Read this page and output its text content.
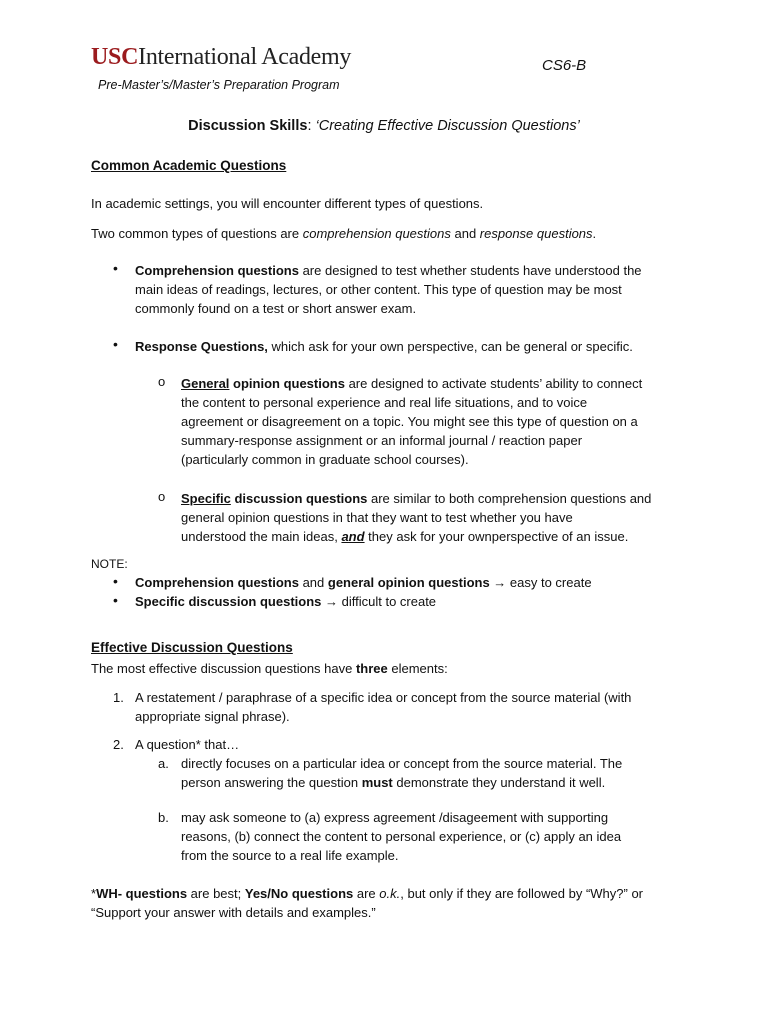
USCInternational Academy	CS6-B
Pre-Master’s/Master’s Preparation Program
Discussion Skills: ‘Creating Effective Discussion Questions’
Common Academic Questions
In academic settings, you will encounter different types of questions.
Two common types of questions are comprehension questions and response questions.
• Comprehension questions are designed to test whether students have understood the
main ideas of readings, lectures, or other content. This type of question may be most
commonly found on a test or short answer exam.
• Response Questions, which ask for your own perspective, can be general or specific.
o General opinion questions are designed to activate students’ ability to connect
the content to personal experience and real life situations, and to voice
agreement or disagreement on a topic. You might see this type of question on a
summary-response assignment or an informal journal / reaction paper
(particularly common in graduate school courses).
o Specific discussion questions are similar to both comprehension questions and
general opinion questions in that they want to test whether you have
understood the main ideas, and they ask for your ownperspective of an issue.
NOTE:
• Comprehension questions and general opinion questions → easy to create
• Specific discussion questions → difficult to create
Effective Discussion Questions
The most effective discussion questions have three elements:
1. A restatement / paraphrase of a specific idea or concept from the source material (with
appropriate signal phrase).
2. A question* that…
a. directly focuses on a particular idea or concept from the source material. The
person answering the question must demonstrate they understand it well.
b. may ask someone to (a) express agreement /disageement with supporting
reasons, (b) connect the content to personal experience, or (c) apply an idea
from the source to a real life example.
*WH- questions are best; Yes/No questions are o.k., but only if they are followed by “Why?” or
“Support your answer with details and examples.”
